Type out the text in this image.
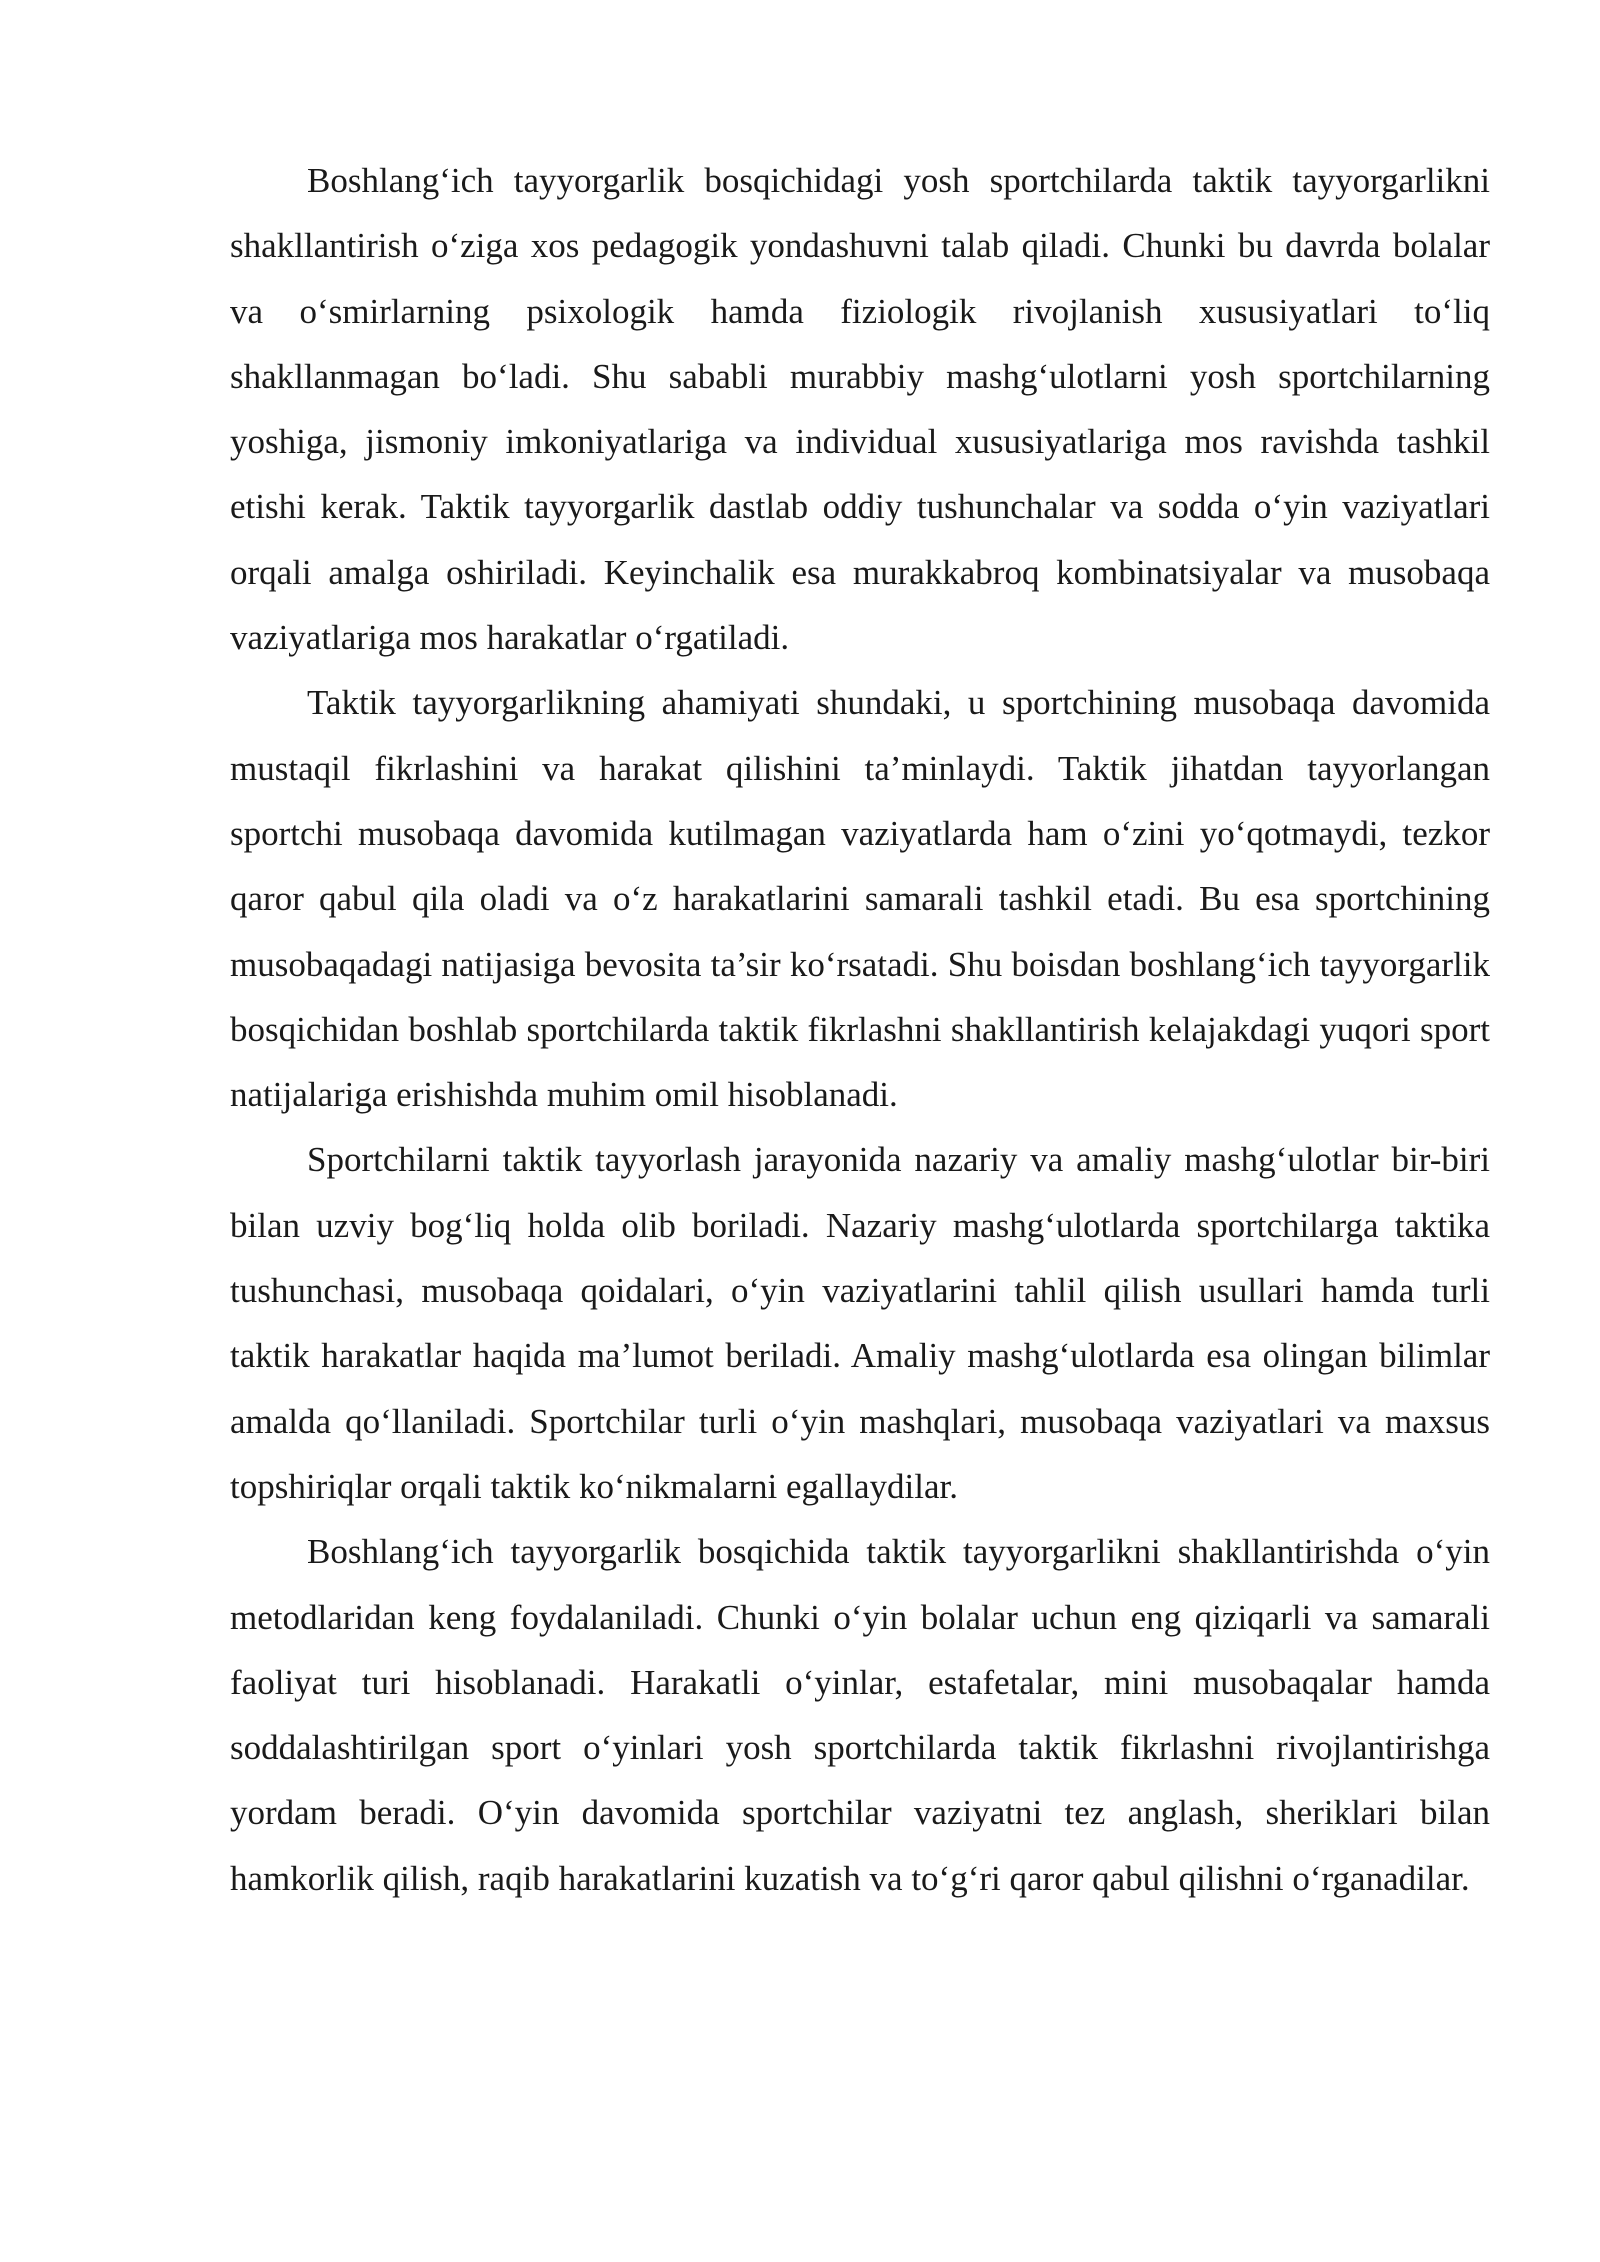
Boshlang‘ich tayyorgarlik bosqichidagi yosh sportchilarda taktik tayyorgarlikni shakllantirish o‘ziga xos pedagogik yondashuvni talab qiladi. Chunki bu davrda bolalar va o‘smirlarning psixologik hamda fiziologik rivojlanish xususiyatlari to‘liq shakllanmagan bo‘ladi. Shu sababli murabbiy mashg‘ulotlarni yosh sportchilarning yoshiga, jismoniy imkoniyatlariga va individual xususiyatlariga mos ravishda tashkil etishi kerak. Taktik tayyorgarlik dastlab oddiy tushunchalar va sodda o‘yin vaziyatlari orqali amalga oshiriladi. Keyinchalik esa murakkabroq kombinatsiyalar va musobaqa vaziyatlariga mos harakatlar o‘rgatiladi.

Taktik tayyorgarlikning ahamiyati shundaki, u sportchining musobaqa davomida mustaqil fikrlashini va harakat qilishini ta’minlaydi. Taktik jihatdan tayyorlangan sportchi musobaqa davomida kutilmagan vaziyatlarda ham o‘zini yo‘qotmaydi, tezkor qaror qabul qila oladi va o‘z harakatlarini samarali tashkil etadi. Bu esa sportchining musobaqadagi natijasiga bevosita ta’sir ko‘rsatadi. Shu boisdan boshlang‘ich tayyorgarlik bosqichidan boshlab sportchilarda taktik fikrlashni shakllantirish kelajakdagi yuqori sport natijalariga erishishda muhim omil hisoblanadi.

Sportchilarni taktik tayyorlash jarayonida nazariy va amaliy mashg‘ulotlar bir-biri bilan uzviy bog‘liq holda olib boriladi. Nazariy mashg‘ulotlarda sportchilarga taktika tushunchasi, musobaqa qoidalari, o‘yin vaziyatlarini tahlil qilish usullari hamda turli taktik harakatlar haqida ma’lumot beriladi. Amaliy mashg‘ulotlarda esa olingan bilimlar amalda qo‘llaniladi. Sportchilar turli o‘yin mashqlari, musobaqa vaziyatlari va maxsus topshiriqlar orqali taktik ko‘nikmalarni egallaydilar.

Boshlang‘ich tayyorgarlik bosqichida taktik tayyorgarlikni shakllantirishda o‘yin metodlaridan keng foydalaniladi. Chunki o‘yin bolalar uchun eng qiziqarli va samarali faoliyat turi hisoblanadi. Harakatli o‘yinlar, estafetalar, mini musobaqalar hamda soddalashtirilgan sport o‘yinlari yosh sportchilarda taktik fikrlashni rivojlantirishga yordam beradi. O‘yin davomida sportchilar vaziyatni tez anglash, sheriklari bilan hamkorlik qilish, raqib harakatlarini kuzatish va to‘g‘ri qaror qabul qilishni o‘rganadilar.
